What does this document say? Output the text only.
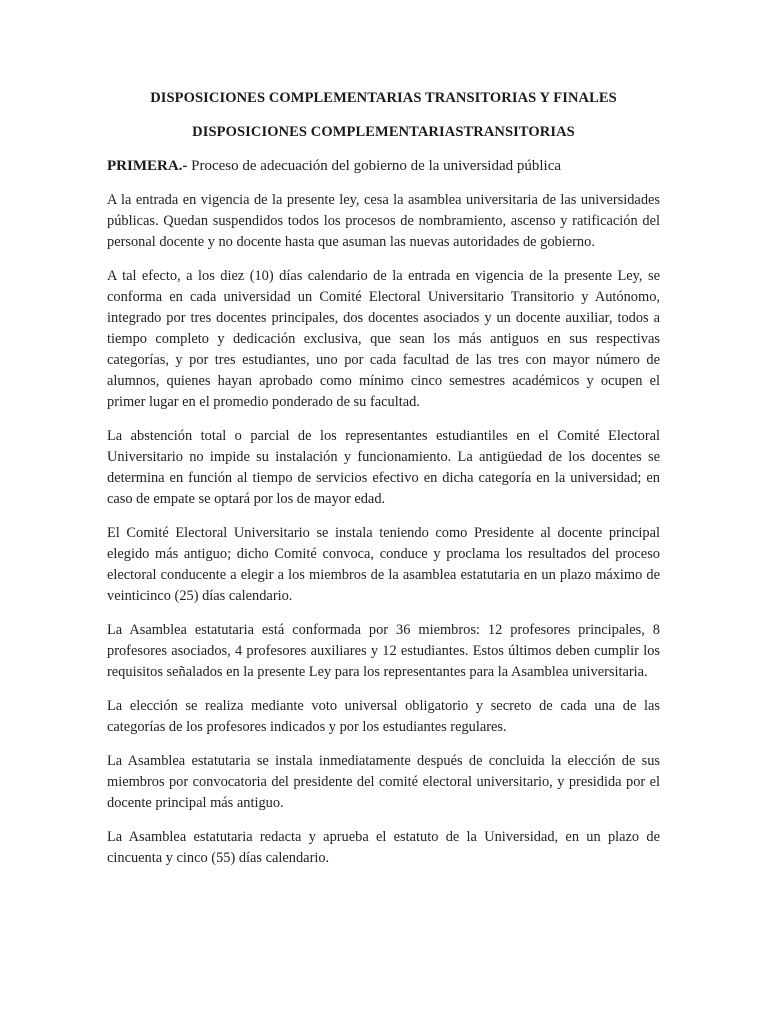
DISPOSICIONES COMPLEMENTARIAS TRANSITORIAS Y FINALES

DISPOSICIONES COMPLEMENTARIASTRANSITORIAS

PRIMERA.- Proceso de adecuación del gobierno de la universidad pública

A la entrada en vigencia de la presente ley, cesa la asamblea universitaria de las universidades públicas. Quedan suspendidos todos los procesos de nombramiento, ascenso y ratificación del personal docente y no docente hasta que asuman las nuevas autoridades de gobierno.

A tal efecto, a los diez (10) días calendario de la entrada en vigencia de la presente Ley, se conforma en cada universidad un Comité Electoral Universitario Transitorio y Autónomo, integrado por tres docentes principales, dos docentes asociados y un docente auxiliar, todos a tiempo completo y dedicación exclusiva, que sean los más antiguos en sus respectivas categorías, y por tres estudiantes, uno por cada facultad de las tres con mayor número de alumnos, quienes hayan aprobado como mínimo cinco semestres académicos y ocupen el primer lugar en el promedio ponderado de su facultad.

La abstención total o parcial de los representantes estudiantiles en el Comité Electoral Universitario no impide su instalación y funcionamiento. La antigüedad de los docentes se determina en función al tiempo de servicios efectivo en dicha categoría en la universidad; en caso de empate se optará por los de mayor edad.

El Comité Electoral Universitario se instala teniendo como Presidente al docente principal elegido más antiguo; dicho Comité convoca, conduce y proclama los resultados del proceso electoral conducente a elegir a los miembros de la asamblea estatutaria en un plazo máximo de veinticinco (25) días calendario.

La Asamblea estatutaria está conformada por 36 miembros: 12 profesores principales, 8 profesores asociados, 4 profesores auxiliares y 12 estudiantes. Estos últimos deben cumplir los requisitos señalados en la presente Ley para los representantes para la Asamblea universitaria.

La elección se realiza mediante voto universal obligatorio y secreto de cada una de las categorías de los profesores indicados y por los estudiantes regulares.

La Asamblea estatutaria se instala inmediatamente después de concluida la elección de sus miembros por convocatoria del presidente del comité electoral universitario, y presidida por el docente principal más antiguo.

La Asamblea estatutaria redacta y aprueba el estatuto de la Universidad, en un plazo de cincuenta y cinco (55) días calendario.
